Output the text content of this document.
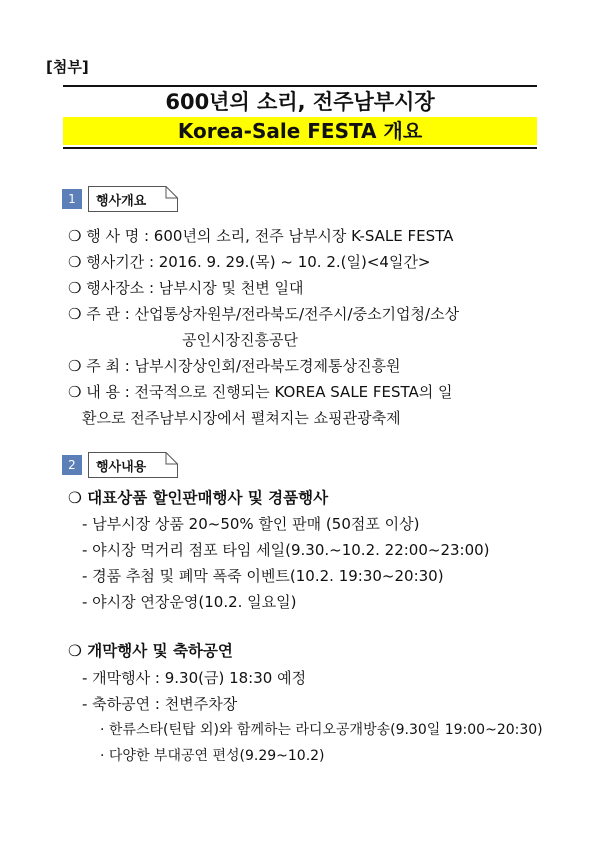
[첨부]
600년의 소리, 전주남부시장
Korea-Sale FESTA 개요
1	행사개요
❍ 행 사 명 : 600년의 소리, 전주 남부시장 K-SALE FESTA
❍ 행사기간 : 2016. 9. 29.(목) ~ 10. 2.(일)<4일간>
❍ 행사장소 : 남부시장 및 천변 일대
❍ 주 관 : 산업통상자원부/전라북도/전주시/중소기업청/소상
공인시장진흥공단
❍ 주 최 : 남부시장상인회/전라북도경제통상진흥원
❍ 내 용 : 전국적으로 진행되는 KOREA SALE FESTA의 일
환으로 전주남부시장에서 펼쳐지는 쇼핑관광축제
2	행사내용
❍ 대표상품 할인판매행사 및 경품행사
- 남부시장 상품 20~50% 할인 판매 (50점포 이상)
- 야시장 먹거리 점포 타임 세일(9.30.~10.2. 22:00~23:00)
- 경품 추첨 및 폐막 폭죽 이벤트(10.2. 19:30~20:30)
- 야시장 연장운영(10.2. 일요일)
❍ 개막행사 및 축하공연
- 개막행사 : 9.30(금) 18:30 예정
- 축하공연 : 천변주차장
· 한류스타(틴탑 외)와 함께하는 라디오공개방송(9.30일 19:00~20:30)
· 다양한 부대공연 편성(9.29~10.2)
